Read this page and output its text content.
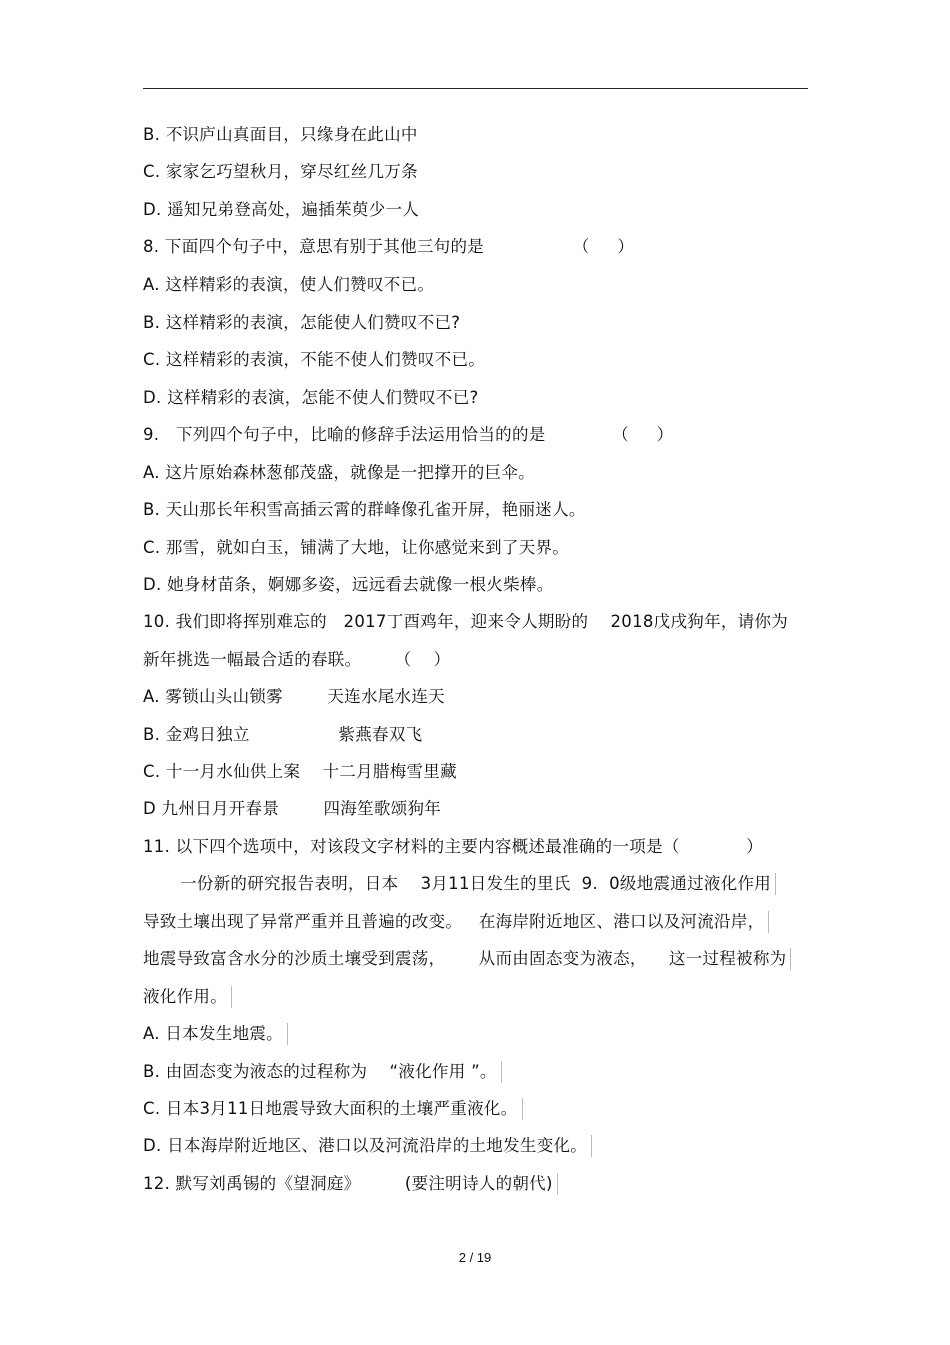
B. 不识庐山真面目，只缘身在此山中
C. 家家乞巧望秋月，穿尽红丝几万条
D. 遥知兄弟登高处，遍插茱萸少一人
8. 下面四个句子中，意思有别于其他三句的是                （     ）
A. 这样精彩的表演，使人们赞叹不已。
B. 这样精彩的表演，怎能使人们赞叹不已?
C. 这样精彩的表演，不能不使人们赞叹不已。
D. 这样精彩的表演，怎能不使人们赞叹不已?
9.   下列四个句子中，比喻的修辞手法运用恰当的的是            （     ）
A. 这片原始森林葱郁茂盛，就像是一把撑开的巨伞。
B. 天山那长年积雪高插云霄的群峰像孔雀开屏，艳丽迷人。
C. 那雪，就如白玉，铺满了大地，让你感觉来到了天界。
D. 她身材苗条，婀娜多姿，远远看去就像一根火柴棒。
10. 我们即将挥别难忘的   2017丁酉鸡年，迎来令人期盼的    2018戊戌狗年，请你为
新年挑选一幅最合适的春联。      （    ）
A. 雾锁山头山锁雾        天连水尾水连天
B. 金鸡日独立                紫燕春双飞
C. 十一月水仙供上案    十二月腊梅雪里藏
D 九州日月开春景        四海笙歌颂狗年
11. 以下四个选项中，对该段文字材料的主要内容概述最准确的一项是（            ）
一份新的研究报告表明，日本    3月11日发生的里氏  9.  0级地震通过液化作用
导致土壤出现了异常严重并且普遍的改变。   在海岸附近地区、港口以及河流沿岸，
地震导致富含水分的沙质土壤受到震荡，      从而由固态变为液态，    这一过程被称为
液化作用。
A. 日本发生地震。
B. 由固态变为液态的过程称为    “液化作用 ”。
C. 日本3月11日地震导致大面积的土壤严重液化。
D. 日本海岸附近地区、港口以及河流沿岸的土地发生变化。
12. 默写刘禹锡的《望洞庭》        (要注明诗人的朝代)
2 / 19
